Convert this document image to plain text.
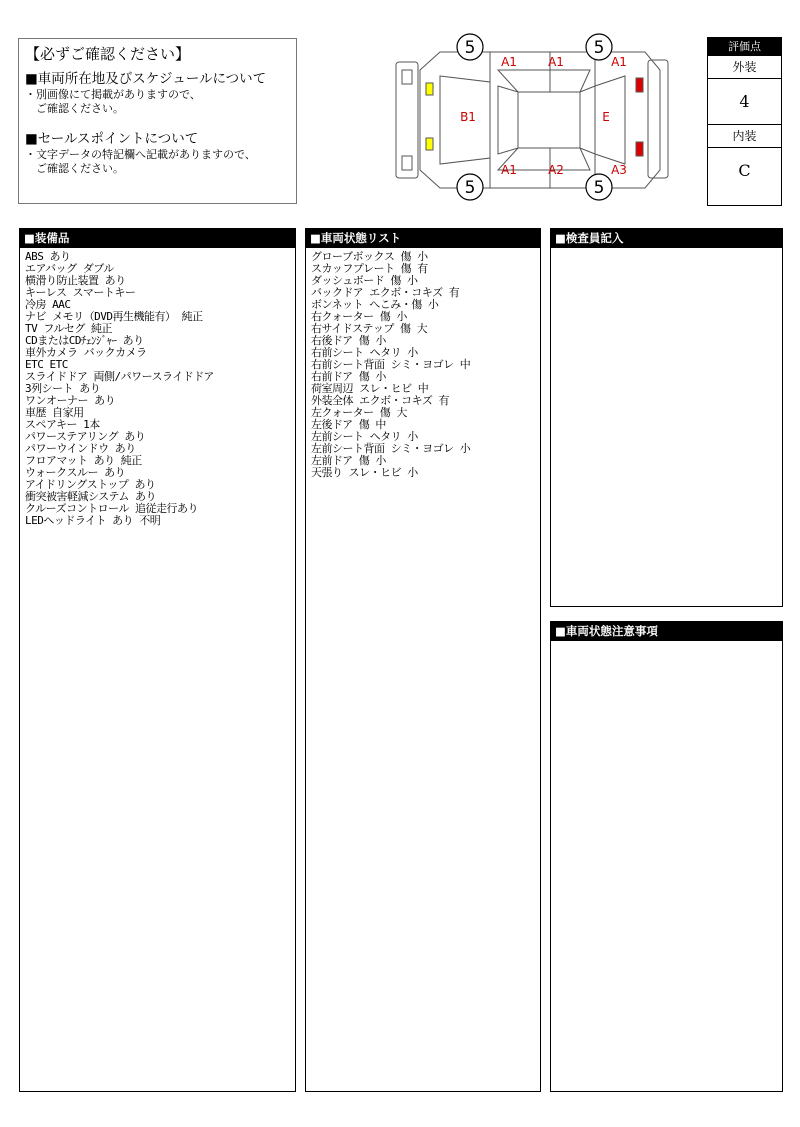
【必ずご確認ください】
■車両所在地及びスケジュールについて
・別画像にて掲載がありますので、
　ご確認ください。
■セールスポイントについて
・文字データの特記欄へ記載がありますので、
　ご確認ください。
5	5
5	5
A1	A1	A1
B1	E
A1	A2	A3
評価点
外装
4
内装
C
■装備品
ABS あり
エアバッグ ダブル
横滑り防止装置 あり
キーレス スマートキー
冷房 AAC
ナビ メモリ（DVD再生機能有） 純正
TV フルセグ 純正
CDまたはCDﾁｪﾝｼﾞｬｰ あり
車外カメラ バックカメラ
ETC ETC
スライドドア 両側/パワースライドドア
3列シート あり
ワンオーナー あり
車歴 自家用
スペアキー 1本
パワーステアリング あり
パワーウインドウ あり
フロアマット あり 純正
ウォークスルー あり
アイドリングストップ あり
衝突被害軽減システム あり
クルーズコントロール 追従走行あり
LEDヘッドライト あり 不明
■車両状態リスト
グローブボックス 傷 小
スカッフプレート 傷 有
ダッシュボード 傷 小
バックドア エクボ・コキズ 有
ボンネット へこみ・傷 小
右クォーター 傷 小
右サイドステップ 傷 大
右後ドア 傷 小
右前シート ヘタリ 小
右前シート背面 シミ・ヨゴレ 中
右前ドア 傷 小
荷室周辺 スレ・ヒビ 中
外装全体 エクボ・コキズ 有
左クォーター 傷 大
左後ドア 傷 中
左前シート ヘタリ 小
左前シート背面 シミ・ヨゴレ 小
左前ドア 傷 小
天張り スレ・ヒビ 小
■検査員記入
■車両状態注意事項
